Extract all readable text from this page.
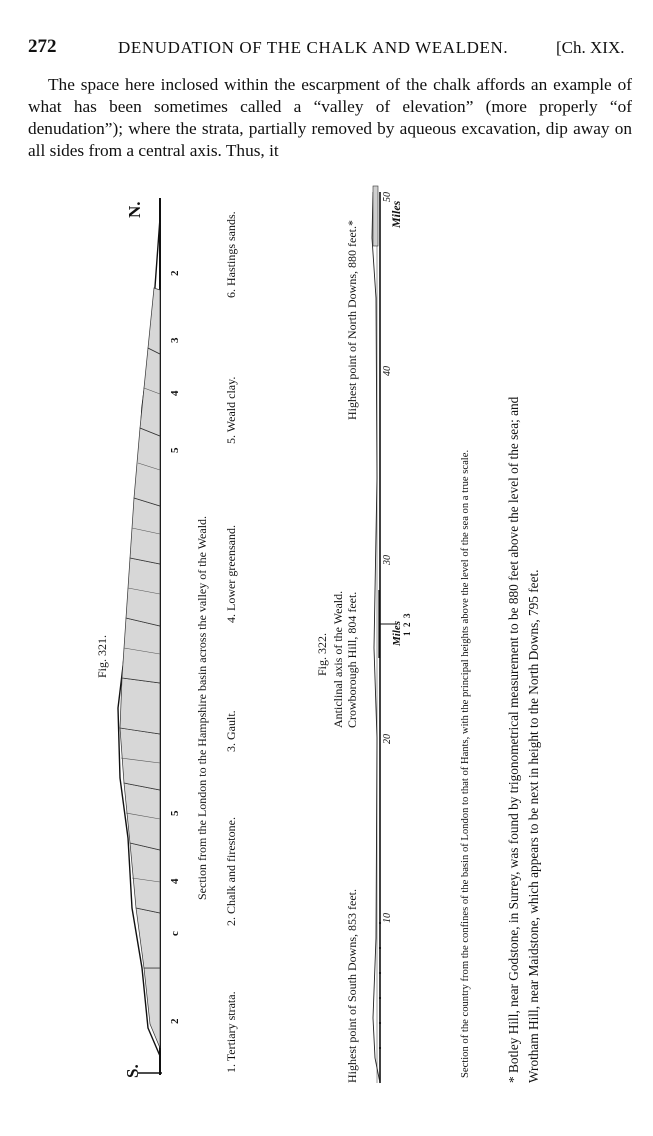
272	DENUDATION OF THE CHALK AND WEALDEN.	[Ch. XIX.

The space here inclosed within the escarpment of the chalk affords an example of what has been sometimes called a “valley of elevation” (more properly “of denudation”); where the strata, partially removed by aqueous excavation, dip away on all sides from a central axis. Thus, it

S.
N.
2
c
4
5
5
4
3
2
Fig. 321.	Section from the London to the Hampshire basin across the valley of the Weald.
1. Tertiary strata.
2. Chalk and firestone.
3. Gault.
4. Lower greensand.
5. Weald clay.
6. Hastings sands.
10
20
30
40
50
Miles
Miles 1
2
3
Fig. 322.
Highest point of South Downs, 853 feet.
Anticlinal axis of the Weald. Crowborough Hill, 804 feet.
Highest point of North Downs, 880 feet.*
Section of the country from the confines of the basin of London to that of Hants, with the principal heights above the level of the sea on a true scale.	* Botley Hill, near Godstone, in Surrey, was found by trigonometrical measurement to be 880 feet above the level of the sea; and Wrotham Hill, near Maidstone, which appears to be next in height to the North Downs, 795 feet.
